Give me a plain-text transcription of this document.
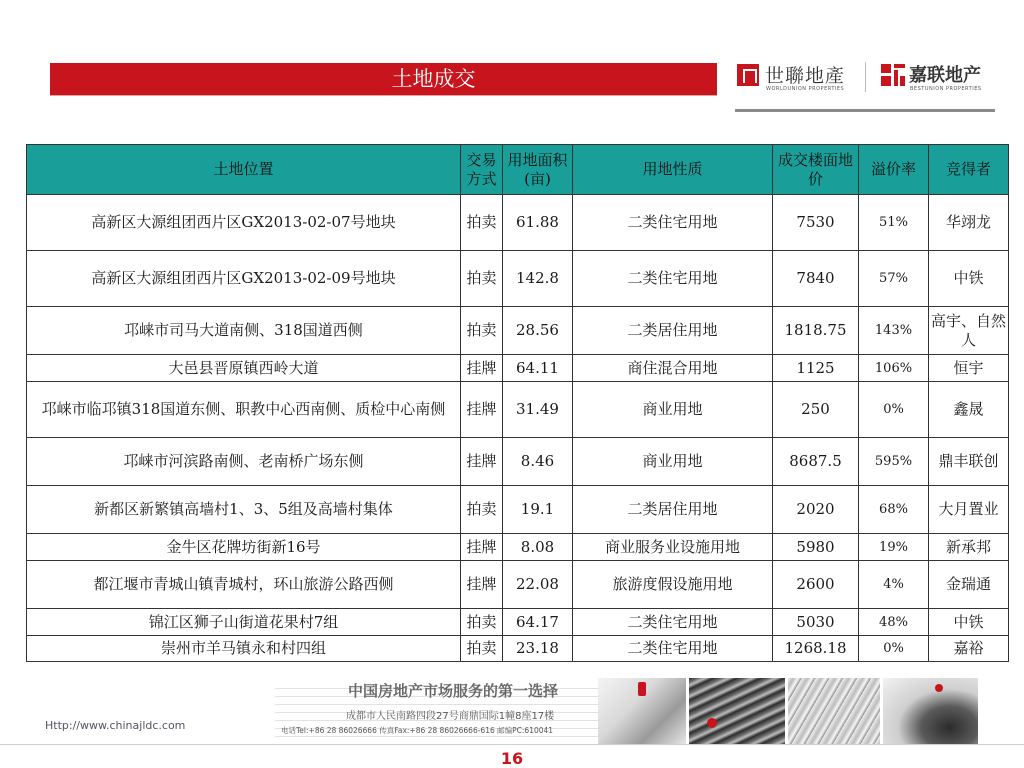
土地成交	世聯地產
WORLDUNION PROPERTIES
嘉联地产
BESTUNION PROPERTIES
土地位置	交易方式	用地面积(亩)	用地性质	成交楼面地价	溢价率	竞得者
高新区大源组团西片区GX2013-02-07号地块	拍卖	61.88	二类住宅用地	7530	51%	华翊龙
高新区大源组团西片区GX2013-02-09号地块	拍卖	142.8	二类住宅用地	7840	57%	中铁
邛崃市司马大道南侧、318国道西侧	拍卖	28.56	二类居住用地	1818.75	143%	高宇、自然人
大邑县晋原镇西岭大道	挂牌	64.11	商住混合用地	1125	106%	恒宇
邛崃市临邛镇318国道东侧、职教中心西南侧、质检中心南侧	挂牌	31.49	商业用地	250	0%	鑫晟
邛崃市河滨路南侧、老南桥广场东侧	挂牌	8.46	商业用地	8687.5	595%	鼎丰联创
新都区新繁镇高墙村1、3、5组及高墙村集体	拍卖	19.1	二类居住用地	2020	68%	大月置业
金牛区花牌坊街新16号	挂牌	8.08	商业服务业设施用地	5980	19%	新承邦
都江堰市青城山镇青城村，环山旅游公路西侧	挂牌	22.08	旅游度假设施用地	2600	4%	金瑞通
锦江区狮子山街道花果村7组	拍卖	64.17	二类住宅用地	5030	48%	中铁
崇州市羊马镇永和村四组	拍卖	23.18	二类住宅用地	1268.18	0%	嘉裕
中国房地产市场服务的第一选择
成都市人民南路四段27号商鼎国际1幢8座17楼
电话Tel:+86 28 86026666 传真Fax:+86 28 86026666-616 邮编PC:610041
Http://www.chinajldc.com
16
